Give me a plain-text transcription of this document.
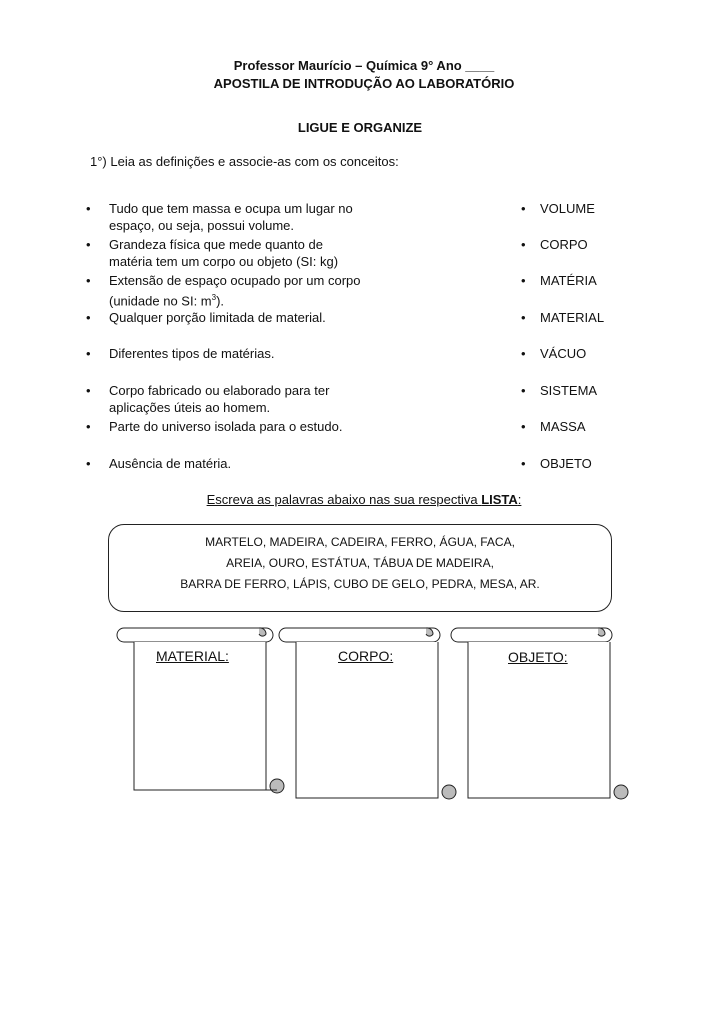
Professor Maurício – Química 9° Ano ____
APOSTILA DE INTRODUÇÃO AO LABORATÓRIO
LIGUE E ORGANIZE
1°) Leia as definições e associe-as com os conceitos:
• Tudo que tem massa e ocupa um lugar no
espaço, ou seja, possui volume.
• Grandeza física que mede quanto de
matéria tem um corpo ou objeto (SI: kg)
• Extensão de espaço ocupado por um corpo
(unidade no SI: $m^3$).
• Qualquer porção limitada de material.
• Diferentes tipos de matérias.
• Corpo fabricado ou elaborado para ter
aplicações úteis ao homem.
• Parte do universo isolada para o estudo.
• Ausência de matéria.
• VOLUME
• CORPO
• MATÉRIA
• MATERIAL
• VÁCUO
• SISTEMA
• MASSA
• OBJETO
Escreva as palavras abaixo nas sua respectiva LISTA:
MARTELO, MADEIRA, CADEIRA, FERRO, ÁGUA, FACA,
AREIA, OURO, ESTÁTUA, TÁBUA DE MADEIRA,
BARRA DE FERRO, LÁPIS, CUBO DE GELO, PEDRA, MESA, AR.
MATERIAL:	CORPO:	OBJETO:
